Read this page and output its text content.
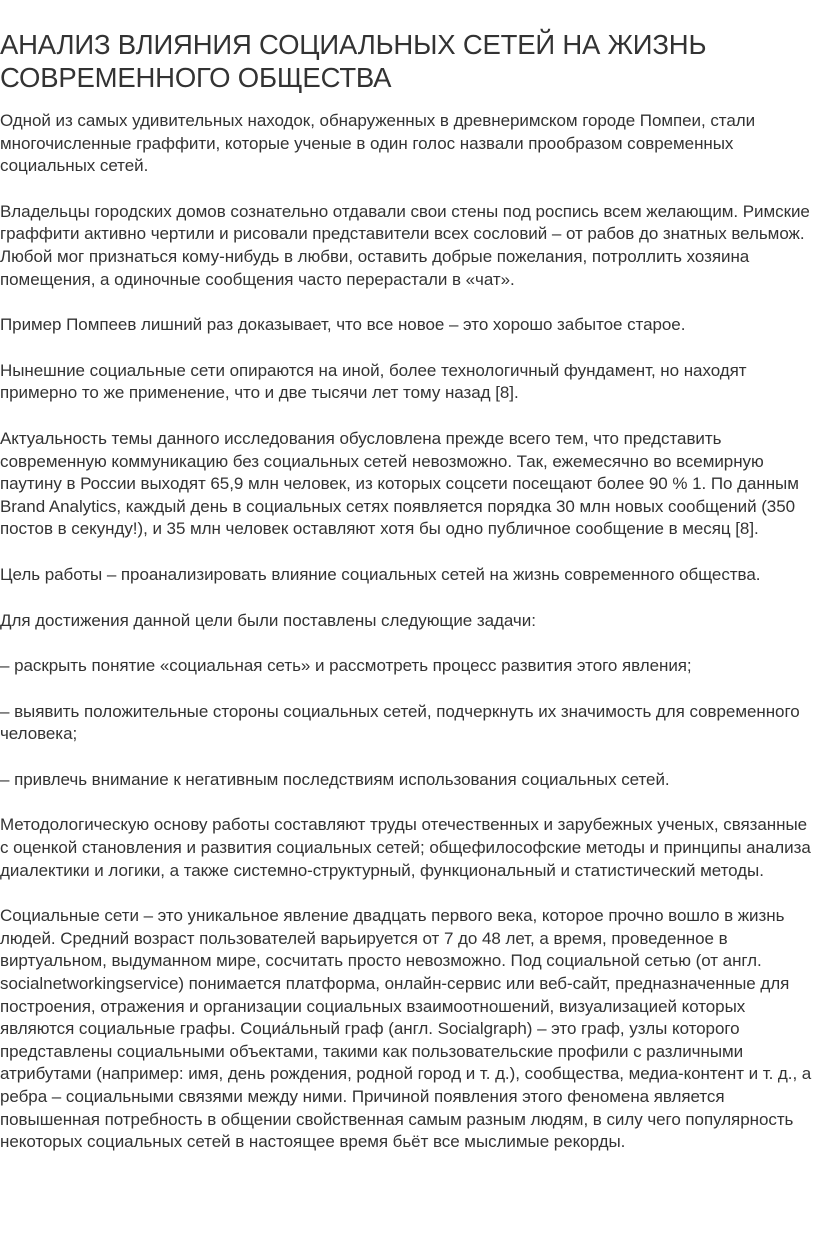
АНАЛИЗ ВЛИЯНИЯ СОЦИАЛЬНЫХ СЕТЕЙ НА ЖИЗНЬ СОВРЕМЕННОГО ОБЩЕСТВА

Одной из самых удивительных находок, обнаруженных в древнеримском городе Помпеи, стали многочисленные граффити, которые ученые в один голос назвали прообразом современных социальных сетей.

Владельцы городских домов сознательно отдавали свои стены под роспись всем желающим. Римские граффити активно чертили и рисовали представители всех сословий – от рабов до знатных вельмож. Любой мог признаться кому-нибудь в любви, оставить добрые пожелания, потроллить хозяина помещения, а одиночные сообщения часто перерастали в «чат».

Пример Помпеев лишний раз доказывает, что все новое – это хорошо забытое старое.

Нынешние социальные сети опираются на иной, более технологичный фундамент, но находят примерно то же применение, что и две тысячи лет тому назад [8].

Актуальность темы данного исследования обусловлена прежде всего тем, что представить современную коммуникацию без социальных сетей невозможно. Так, ежемесячно во всемирную паутину в России выходят 65,9 млн человек, из которых соцсети посещают более 90 % 1. По данным Brand Analytics, каждый день в социальных сетях появляется порядка 30 млн новых сообщений (350 постов в секунду!), и 35 млн человек оставляют хотя бы одно публичное сообщение в месяц [8].

Цель работы – проанализировать влияние социальных сетей на жизнь современного общества.

Для достижения данной цели были поставлены следующие задачи:

– раскрыть понятие «социальная сеть» и рассмотреть процесс развития этого явления;

– выявить положительные стороны социальных сетей, подчеркнуть их значимость для современного человека;

– привлечь внимание к негативным последствиям использования социальных сетей.

Методологическую основу работы составляют труды отечественных и зарубежных ученых, связанные с оценкой становления и развития социальных сетей; общефилософские методы и принципы анализа диалектики и логики, а также системно-структурный, функциональный и статистический методы.

Социальные сети – это уникальное явление двадцать первого века, которое прочно вошло в жизнь людей. Средний возраст пользователей варьируется от 7 до 48 лет, а время, проведенное в виртуальном, выдуманном мире, сосчитать просто невозможно. Под социальной сетью (от англ. socialnetworkingservice) понимается платформа, онлайн-сервис или веб-сайт, предназначенные для построения, отражения и организации социальных взаимоотношений, визуализацией которых являются социальные графы. Социа́льный граф (англ. Socialgraph) – это граф, узлы которого представлены социальными объектами, такими как пользовательские профили с различными атрибутами (например: имя, день рождения, родной город и т. д.), сообщества, медиа-контент и т. д., а ребра – социальными связями между ними. Причиной появления этого феномена является повышенная потребность в общении свойственная самым разным людям, в силу чего популярность некоторых социальных сетей в настоящее время бьёт все мыслимые рекорды.
